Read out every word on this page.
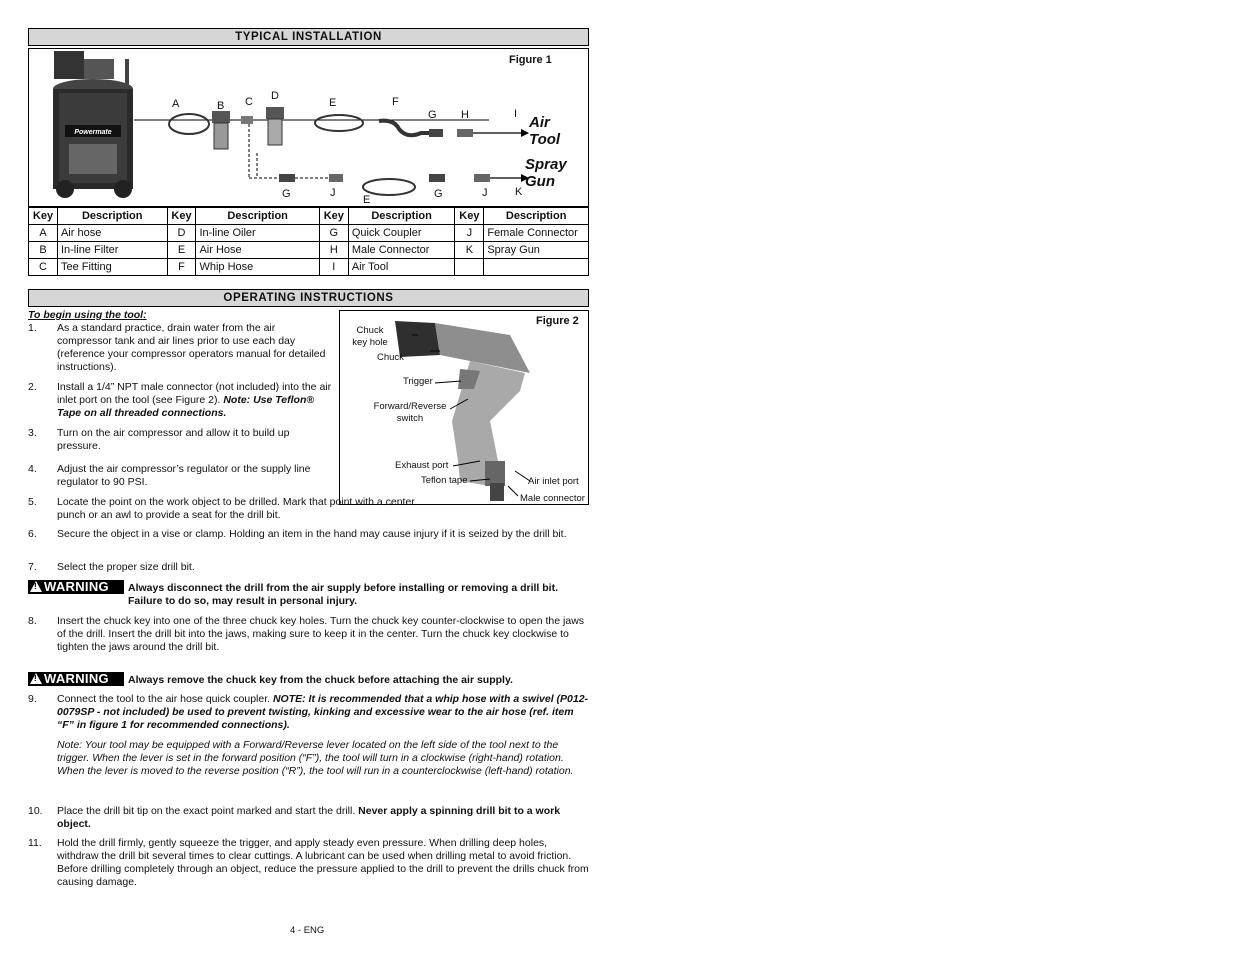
TYPICAL INSTALLATION
Figure 1
Powermate
A	B C D
E	F
G H	I
G	J
E	G	J	K
Air Tool
Spray Gun
Key	Description	Key	Description	Key	Description	Key	Description
A	Air hose	D	In-line Oiler	G	Quick Coupler	J	Female Connector
B	In-line Filter	E	Air Hose	H	Male Connector	K	Spray Gun
C	Tee Fitting	F	Whip Hose	I	Air Tool		
OPERATING INSTRUCTIONS
To begin using the tool:	Figure 2
Chuck key hole
Chuck
Trigger
Forward/Reverse switch
Exhaust port
Teflon tape	Air inlet port
Male connector
1.	As a standard practice, drain water from the air compressor tank and air lines prior to use each day (reference your compressor operators manual for detailed instructions).
2.	Install a 1/4” NPT male connector (not included) into the air inlet port on the tool (see Figure 2). Note: Use Teflon® Tape on all threaded connections.
3.	Turn on the air compressor and allow it to build up pressure.
4.	Adjust the air compressor’s regulator or the supply line regulator to 90 PSI.
5.	Locate the point on the work object to be drilled. Mark that point with a center punch or an awl to provide a seat for the drill bit.
6.	Secure the object in a vise or clamp. Holding an item in the hand may cause injury if it is seized by the drill bit.
7.	Select the proper size drill bit.
! WARNING Always disconnect the drill from the air supply before installing or removing a drill bit. Failure to do so, may result in personal injury.
8.	Insert the chuck key into one of the three chuck key holes. Turn the chuck key counter-clockwise to open the jaws of the drill. Insert the drill bit into the jaws, making sure to keep it in the center. Turn the chuck key clockwise to tighten the jaws around the drill bit.
! WARNING Always remove the chuck key from the chuck before attaching the air supply.
9.	Connect the tool to the air hose quick coupler. NOTE: It is recommended that a whip hose with a swivel (P012-0079SP - not included) be used to prevent twisting, kinking and excessive wear to the air hose (ref. item “F” in figure 1 for recommended connections).
Note: Your tool may be equipped with a Forward/Reverse lever located on the left side of the tool next to the trigger. When the lever is set in the forward position (“F”), the tool will turn in a clockwise (right-hand) rotation. When the lever is moved to the reverse position (“R”), the tool will run in a counterclockwise (left-hand) rotation.
10.	Place the drill bit tip on the exact point marked and start the drill. Never apply a spinning drill bit to a work object.
11.	Hold the drill firmly, gently squeeze the trigger, and apply steady even pressure. When drilling deep holes, withdraw the drill bit several times to clear cuttings. A lubricant can be used when drilling metal to avoid friction. Before drilling completely through an object, reduce the pressure applied to the drill to prevent the drills chuck from causing damage.
4 - ENG
